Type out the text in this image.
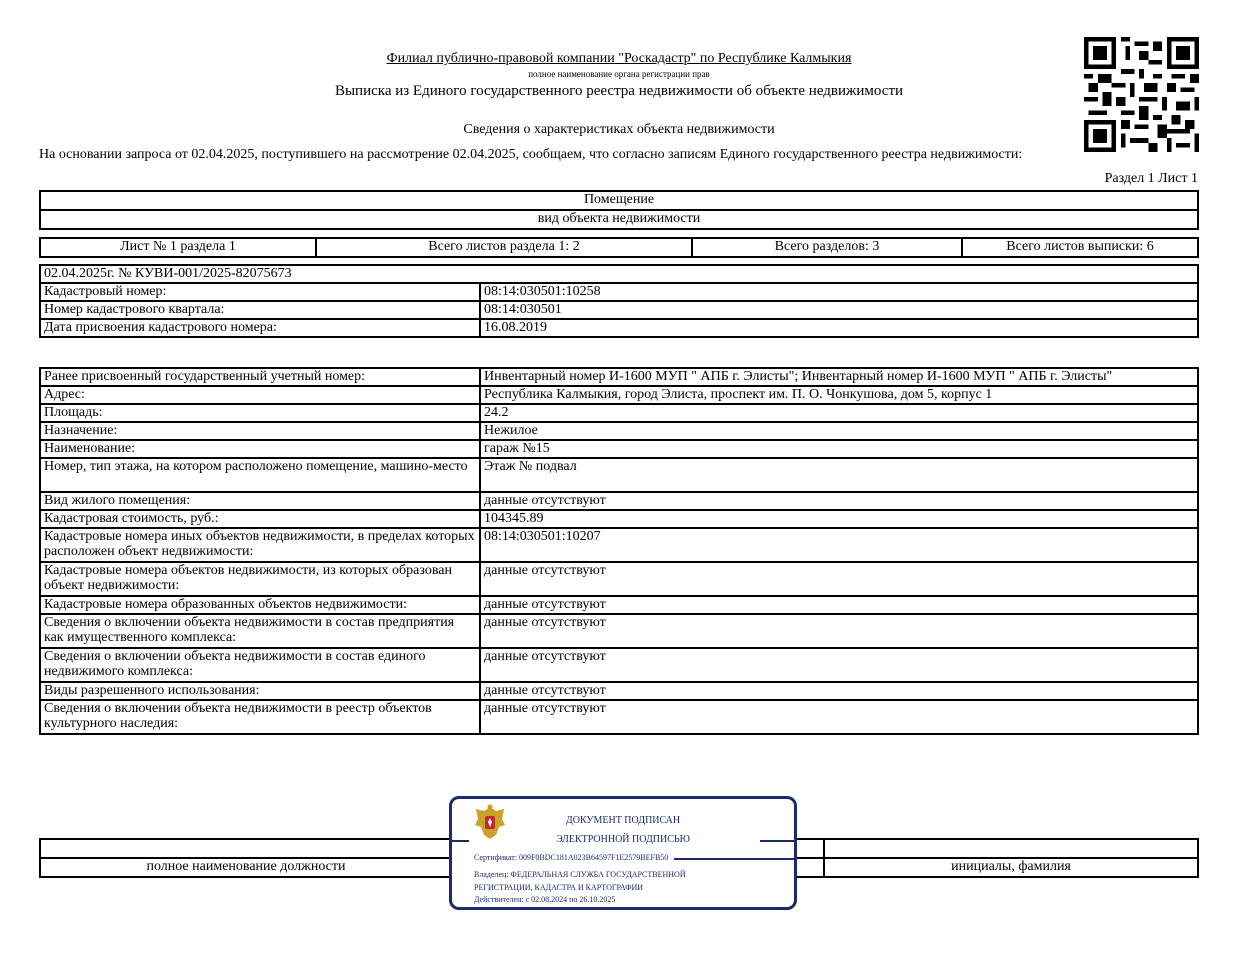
Филиал публично-правовой компании "Роскадастр" по Республике Калмыкия
полное наименование органа регистрации прав
Выписка из Единого государственного реестра недвижимости об объекте недвижимости
Сведения о характеристиках объекта недвижимости
На основании запроса от 02.04.2025, поступившего на рассмотрение 02.04.2025, сообщаем, что согласно записям Единого государственного реестра недвижимости:
Раздел 1 Лист 1
Помещение
вид объекта недвижимости
Лист № 1 раздела 1	Всего листов раздела 1: 2	Всего разделов: 3	Всего листов выписки: 6
02.04.2025г. № КУВИ-001/2025-82075673	
Кадастровый номер:	08:14:030501:10258
Номер кадастрового квартала:	08:14:030501
Дата присвоения кадастрового номера:	16.08.2019
Ранее присвоенный государственный учетный номер:	Инвентарный номер И-1600 МУП " АПБ г. Элисты"; Инвентарный номер И-1600 МУП " АПБ г. Элисты"
Адрес:	Республика Калмыкия, город Элиста, проспект им. П. О. Чонкушова, дом 5, корпус 1
Площадь:	24.2
Назначение:	Нежилое
Наименование:	гараж №15
Номер, тип этажа, на котором расположено помещение, машино-место	Этаж № подвал
Вид жилого помещения:	данные отсутствуют
Кадастровая стоимость, руб.:	104345.89
Кадастровые номера иных объектов недвижимости, в пределах которых расположен объект недвижимости:	08:14:030501:10207
Кадастровые номера объектов недвижимости, из которых образован объект недвижимости:	данные отсутствуют
Кадастровые номера образованных объектов недвижимости:	данные отсутствуют
Сведения о включении объекта недвижимости в состав предприятия как имущественного комплекса:	данные отсутствуют
Сведения о включении объекта недвижимости в состав единого недвижимого комплекса:	данные отсутствуют
Виды разрешенного использования:	данные отсутствуют
Сведения о включении объекта недвижимости в реестр объектов культурного наследия:	данные отсутствуют

полное наименование должности		инициалы, фамилия
ДОКУМЕНТ ПОДПИСАН
ЭЛЕКТРОННОЙ ПОДПИСЬЮ
Сертификат: 009F0BDC181A023B64597F1E2579BEFB50
Владелец: ФЕДЕРАЛЬНАЯ СЛУЖБА ГОСУДАРСТВЕННОЙ
РЕГИСТРАЦИИ, КАДАСТРА И КАРТОГРАФИИ
Действителен: с 02.08.2024 по 26.10.2025
